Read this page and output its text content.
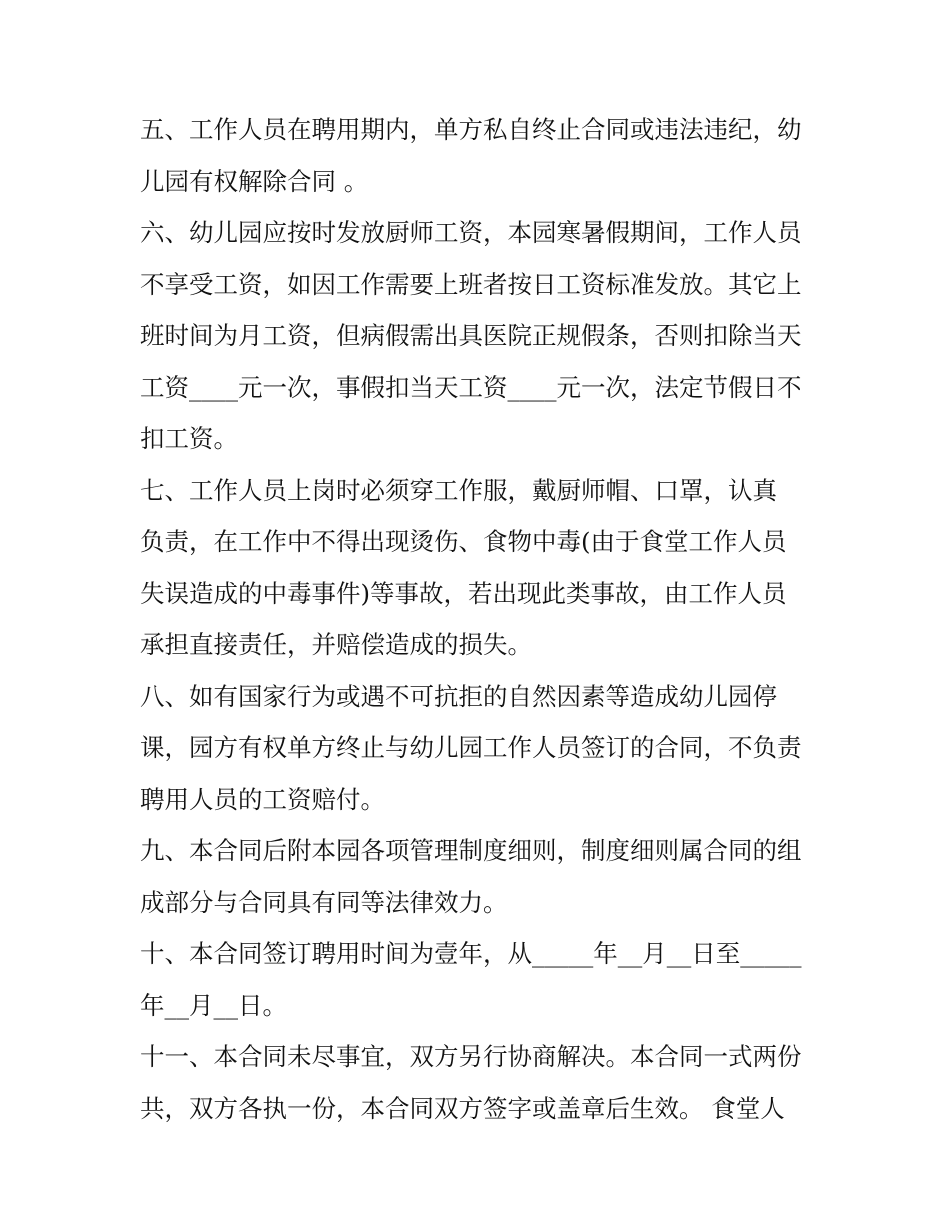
五、工作人员在聘用期内，单方私自终止合同或违法违纪，幼
儿园有权解除合同 。
六、幼儿园应按时发放厨师工资，本园寒暑假期间，工作人员
不享受工资，如因工作需要上班者按日工资标准发放。其它上
班时间为月工资，但病假需出具医院正规假条，否则扣除当天
工资____元一次，事假扣当天工资____元一次，法定节假日不
扣工资。
七、工作人员上岗时必须穿工作服，戴厨师帽、口罩，认真
负责，在工作中不得出现烫伤、食物中毒(由于食堂工作人员
失误造成的中毒事件)等事故，若出现此类事故，由工作人员
承担直接责任，并赔偿造成的损失。
八、如有国家行为或遇不可抗拒的自然因素等造成幼儿园停
课，园方有权单方终止与幼儿园工作人员签订的合同，不负责
聘用人员的工资赔付。
九、本合同后附本园各项管理制度细则，制度细则属合同的组
成部分与合同具有同等法律效力。
十、本合同签订聘用时间为壹年，从_____年__月__日至_____
年__月__日。
十一、本合同未尽事宜，双方另行协商解决。本合同一式两份
共，双方各执一份，本合同双方签字或盖章后生效。 食堂人
